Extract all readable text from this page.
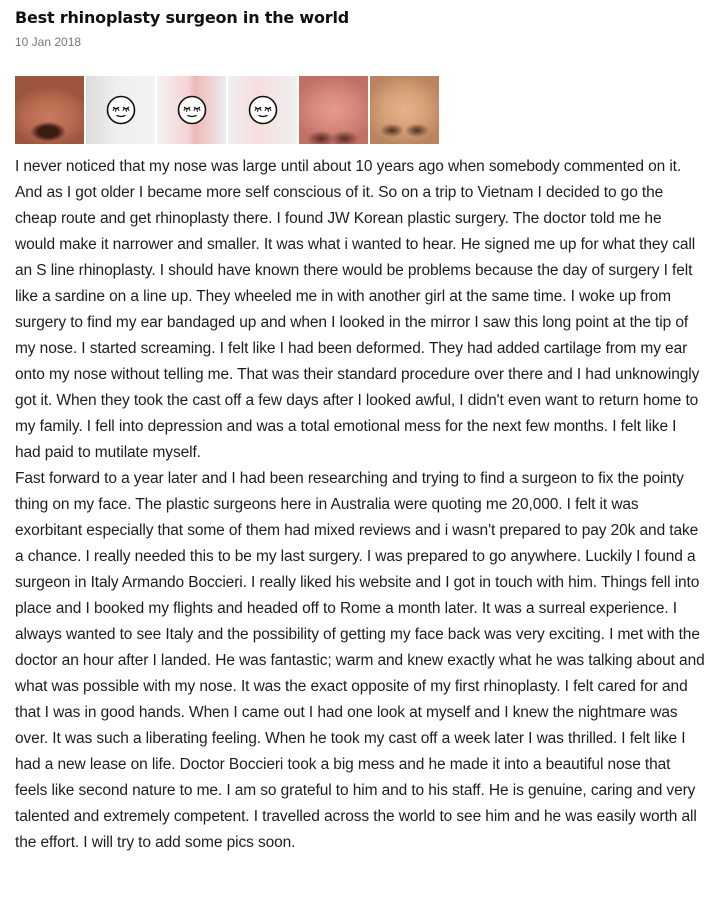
Best rhinoplasty surgeon in the world
10 Jan 2018

I never noticed that my nose was large until about 10 years ago when somebody commented on it. And as I got older I became more self conscious of it. So on a trip to Vietnam I decided to go the cheap route and get rhinoplasty there. I found JW Korean plastic surgery. The doctor told me he would make it narrower and smaller. It was what i wanted to hear. He signed me up for what they call an S line rhinoplasty. I should have known there would be problems because the day of surgery I felt like a sardine on a line up. They wheeled me in with another girl at the same time. I woke up from surgery to find my ear bandaged up and when I looked in the mirror I saw this long point at the tip of my nose. I started screaming. I felt like I had been deformed. They had added cartilage from my ear onto my nose without telling me. That was their standard procedure over there and I had unknowingly got it. When they took the cast off a few days after I looked awful, I didn't even want to return home to my family. I fell into depression and was a total emotional mess for the next few months. I felt like I had paid to mutilate myself.

Fast forward to a year later and I had been researching and trying to find a surgeon to fix the pointy thing on my face. The plastic surgeons here in Australia were quoting me 20,000. I felt it was exorbitant especially that some of them had mixed reviews and i wasn't prepared to pay 20k and take a chance. I really needed this to be my last surgery. I was prepared to go anywhere. Luckily I found a surgeon in Italy Armando Boccieri. I really liked his website and I got in touch with him. Things fell into place and I booked my flights and headed off to Rome a month later. It was a surreal experience. I always wanted to see Italy and the possibility of getting my face back was very exciting. I met with the doctor an hour after I landed. He was fantastic; warm and knew exactly what he was talking about and what was possible with my nose. It was the exact opposite of my first rhinoplasty. I felt cared for and that I was in good hands. When I came out I had one look at myself and I knew the nightmare was over. It was such a liberating feeling. When he took my cast off a week later I was thrilled. I felt like I had a new lease on life. Doctor Boccieri took a big mess and he made it into a beautiful nose that feels like second nature to me. I am so grateful to him and to his staff. He is genuine, caring and very talented and extremely competent. I travelled across the world to see him and he was easily worth all the effort. I will try to add some pics soon.
